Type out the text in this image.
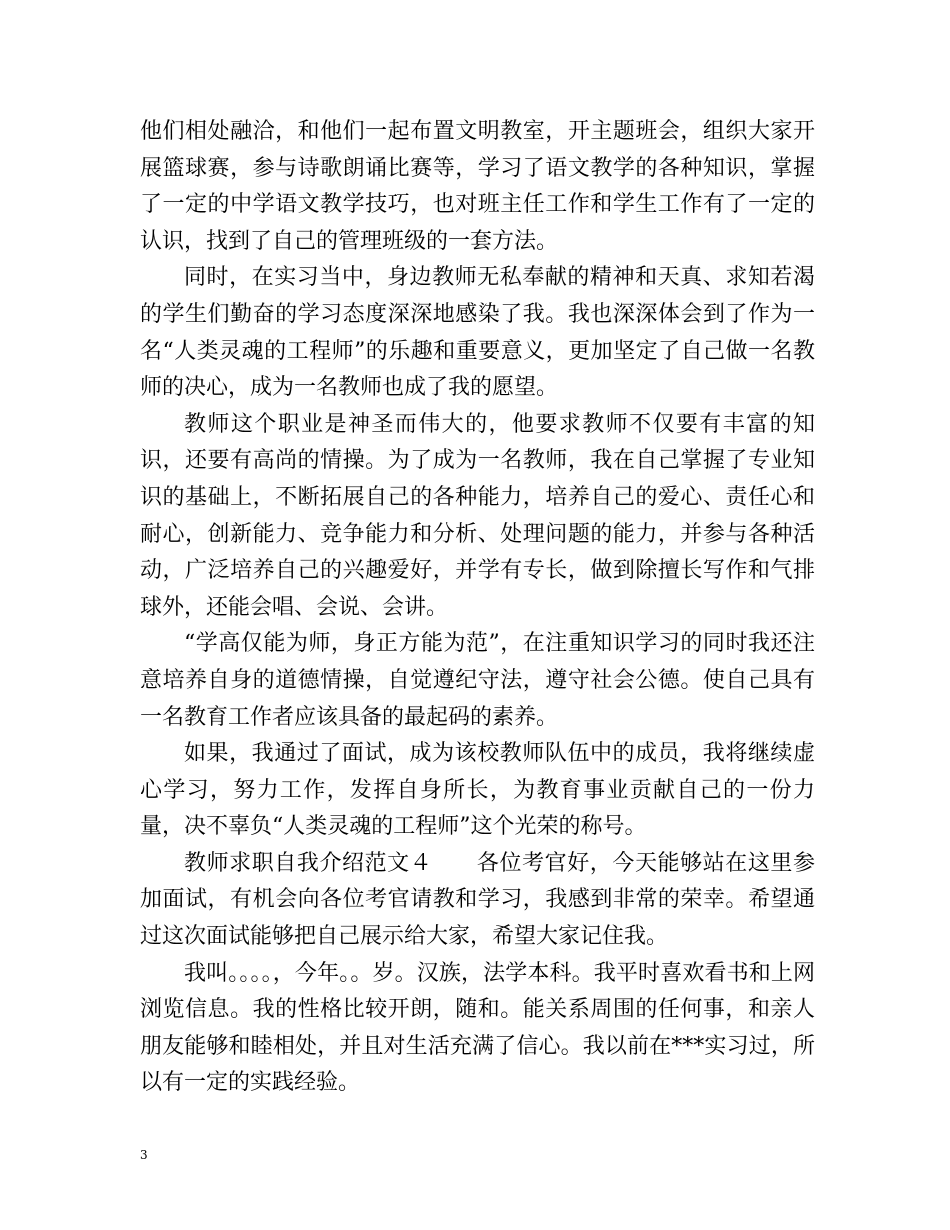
他们相处融洽，和他们一起布置文明教室，开主题班会，组织大家开展篮球赛，参与诗歌朗诵比赛等，学习了语文教学的各种知识，掌握了一定的中学语文教学技巧，也对班主任工作和学生工作有了一定的认识，找到了自己的管理班级的一套方法。

同时，在实习当中，身边教师无私奉献的精神和天真、求知若渴的学生们勤奋的学习态度深深地感染了我。我也深深体会到了作为一名“人类灵魂的工程师”的乐趣和重要意义，更加坚定了自己做一名教师的决心，成为一名教师也成了我的愿望。

教师这个职业是神圣而伟大的，他要求教师不仅要有丰富的知识，还要有高尚的情操。为了成为一名教师，我在自己掌握了专业知识的基础上，不断拓展自己的各种能力，培养自己的爱心、责任心和耐心，创新能力、竞争能力和分析、处理问题的能力，并参与各种活动，广泛培养自己的兴趣爱好，并学有专长，做到除擅长写作和气排球外，还能会唱、会说、会讲。

“学高仅能为师，身正方能为范”，在注重知识学习的同时我还注意培养自身的道德情操，自觉遵纪守法，遵守社会公德。使自己具有一名教育工作者应该具备的最起码的素养。

如果，我通过了面试，成为该校教师队伍中的成员，我将继续虚心学习，努力工作，发挥自身所长，为教育事业贡献自己的一份力量，决不辜负“人类灵魂的工程师”这个光荣的称号。

教师求职自我介绍范文４ 各位考官好，今天能够站在这里参加面试，有机会向各位考官请教和学习，我感到非常的荣幸。希望通过这次面试能够把自己展示给大家，希望大家记住我。

我叫。。。。，今年。。岁。汉族，法学本科。我平时喜欢看书和上网浏览信息。我的性格比较开朗，随和。能关系周围的任何事，和亲人朋友能够和睦相处，并且对生活充满了信心。我以前在***实习过，所以有一定的实践经验。

3
